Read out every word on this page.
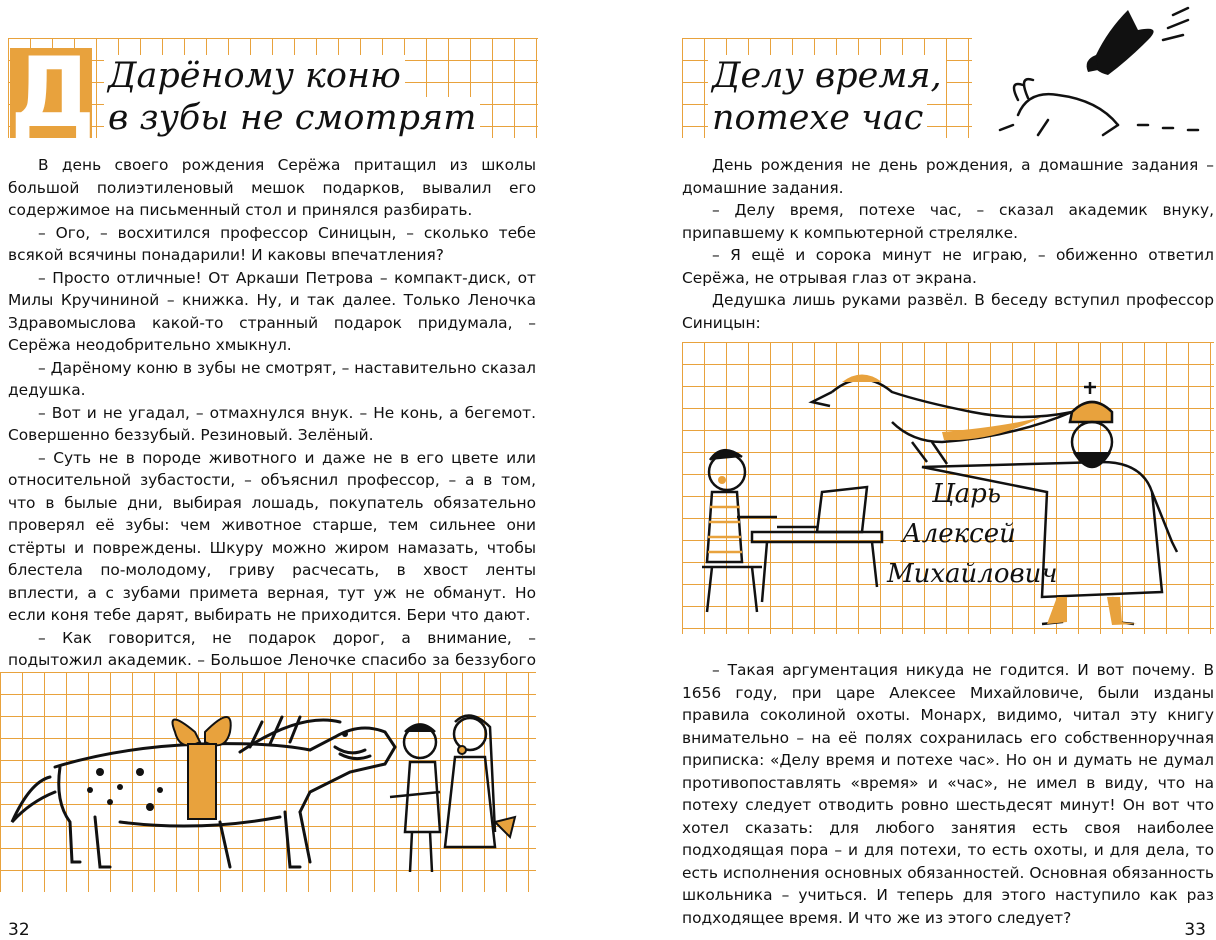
Д Дарёному коню
в зубы не смотрят

В день своего рождения Серёжа притащил из школы большой полиэтиленовый мешок подарков, вывалил его содержимое на письменный стол и принялся разбирать.

– Ого, – восхитился профессор Синицын, – сколько тебе всякой всячины понадарили! И каковы впечатления?

– Просто отличные! От Аркаши Петрова – компакт-диск, от Милы Кручининой – книжка. Ну, и так далее. Только Леночка Здравомыслова какой-то странный подарок придумала, – Серёжа неодобрительно хмыкнул.

– Дарёному коню в зубы не смотрят, – наставительно сказал дедушка.

– Вот и не угадал, – отмахнулся внук. – Не конь, а бегемот. Совершенно беззубый. Резиновый. Зелёный.

– Суть не в породе животного и даже не в его цвете или относительной зубастости, – объяснил профессор, – а в том, что в былые дни, выбирая лошадь, покупатель обязательно проверял её зубы: чем животное старше, тем сильнее они стёрты и повреждены. Шкуру можно жиром намазать, чтобы блестела по-молодому, гриву расчесать, в хвост ленты вплести, а с зубами примета верная, тут уж не обманут. Но если коня тебе дарят, выбирать не приходится. Бери что дают.

– Как говорится, не подарок дорог, а внимание, – подытожил академик. – Большое Леночке спасибо за беззубого

32
Делу время,
потехе час

День рождения не день рождения, а домашние задания – домашние задания.

– Делу время, потехе час, – сказал академик внуку, припавшему к компьютерной стрелялке.

– Я ещё и сорока минут не играю, – обиженно ответил Серёжа, не отрывая глаз от экрана.

Дедушка лишь руками развёл. В беседу вступил профессор Синицын:

Царь
Алексей
Михайлович

– Такая аргументация никуда не годится. И вот почему. В 1656 году, при царе Алексее Михайловиче, были изданы правила соколиной охоты. Монарх, видимо, читал эту книгу внимательно – на её полях сохранилась его собственноручная приписка: «Делу время и потехе час». Но он и думать не думал противопоставлять «время» и «час», не имел в виду, что на потеху следует отводить ровно шестьдесят минут! Он вот что хотел сказать: для любого занятия есть своя наиболее подходящая пора – и для потехи, то есть охоты, и для дела, то есть исполнения основных обязанностей. Основная обязанность школьника – учиться. И теперь для этого наступило как раз подходящее время. И что же из этого следует?

33
